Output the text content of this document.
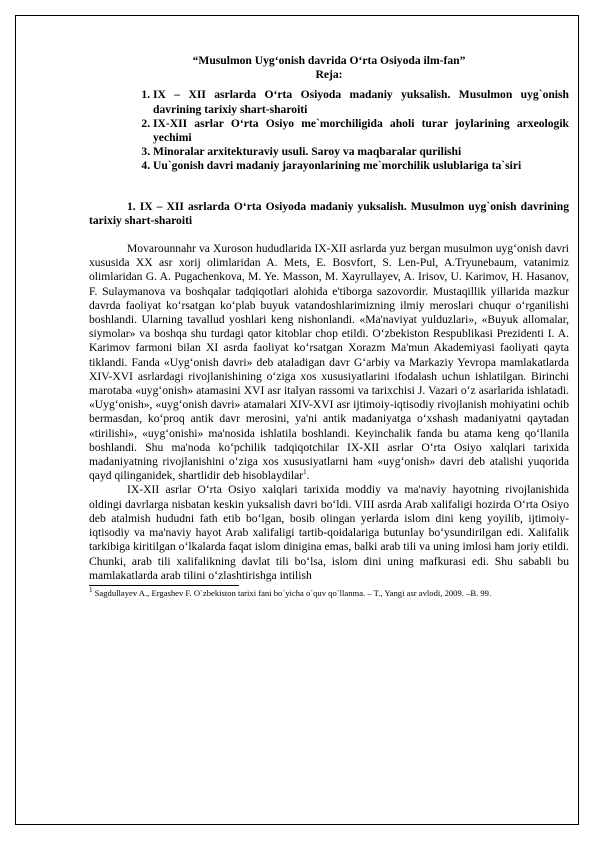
“Musulmon Uyg‘onish davrida O‘rta Osiyoda ilm-fan”

Reja:

1. IX – XII asrlarda O‘rta Osiyoda madaniy yuksalish. Musulmon uyg`onish davrining tarixiy shart-sharoiti
2. IX-XII asrlar O‘rta Osiyo me`morchiligida aholi turar joylarining arxeologik yechimi
3. Minoralar arxitekturaviy usuli. Saroy va maqbaralar qurilishi
4. Uu`gonish davri madaniy jarayonlarining me`morchilik uslublariga ta`siri

1. IX – XII asrlarda O‘rta Osiyoda madaniy yuksalish. Musulmon uyg`onish davrining tarixiy shart-sharoiti

Movarounnahr va Xuroson hududlarida IX-XII asrlarda yuz bergan musulmon uyg‘onish davri xususida XX asr xorij olimlaridan A. Mets, E. Bosvfort, S. Len-Pul, A.Tryunebaum, vatanimiz olimlaridan G. A. Pugachenkova, M. Ye. Masson, M. Xayrullayev, A. Irisov, U. Karimov, H. Hasanov, F. Sulaymanova va boshqalar tadqiqotlari alohida e'tiborga sazovordir. Mustaqillik yillarida mazkur davrda faoliyat ko‘rsatgan ko‘plab buyuk vatandoshlarimizning ilmiy meroslari chuqur o‘rganilishi boshlandi. Ularning tavallud yoshlari keng nishonlandi. «Ma'naviyat yulduzlari», «Buyuk allomalar, siymolar» va boshqa shu turdagi qator kitoblar chop etildi. O‘zbekiston Respublikasi Prezidenti I. A. Karimov farmoni bilan XI asrda faoliyat ko‘rsatgan Xorazm Ma'mun Akademiyasi faoliyati qayta tiklandi. Fanda «Uyg‘onish davri» deb ataladigan davr G‘arbiy va Markaziy Yevropa mamlakatlarda XIV-XVI asrlardagi rivojlanishining o‘ziga xos xususiyatlarini ifodalash uchun ishlatilgan. Birinchi marotaba «uyg‘onish» atamasini XVI asr italyan rassomi va tarixchisi J. Vazari o‘z asarlarida ishlatadi. «Uyg‘onish», «uyg‘onish davri» atamalari XIV-XVI asr ijtimoiy-iqtisodiy rivojlanish mohiyatini ochib bermasdan, ko‘proq antik davr merosini, ya'ni antik madaniyatga o‘xshash madaniyatni qaytadan «tirilishi», «uyg‘onishi» ma'nosida ishlatila boshlandi. Keyinchalik fanda bu atama keng qo‘llanila boshlandi. Shu ma'noda ko‘pchilik tadqiqotchilar IX-XII asrlar O‘rta Osiyo xalqlari tarixida madaniyatning rivojlanishini o‘ziga xos xususiyatlarni ham «uyg‘onish» davri deb atalishi yuqorida qayd qilinganidek, shartlidir deb hisoblaydilar$^1$.

IX-XII asrlar O‘rta Osiyo xalqlari tarixida moddiy va ma'naviy hayotning rivojlanishida oldingi davrlarga nisbatan keskin yuksalish davri bo‘ldi. VIII asrda Arab xalifaligi hozirda O‘rta Osiyo deb atalmish hududni fath etib bo‘lgan, bosib olingan yerlarda islom dini keng yoyilib, ijtimoiy-iqtisodiy va ma'naviy hayot Arab xalifaligi tartib-qoidalariga butunlay bo‘ysundirilgan edi. Xalifalik tarkibiga kiritilgan o‘lkalarda faqat islom dinigina emas, balki arab tili va uning imlosi ham joriy etildi. Chunki, arab tili xalifalikning davlat tili bo‘lsa, islom dini uning mafkurasi edi. Shu sababli bu mamlakatlarda arab tilini o‘zlashtirishga intilish

$^1$ Sagdullayev A., Ergashev F. O`zbekiston tarixi fani bo`yicha o`quv qo`llanma. – T., Yangi asr avlodi, 2009. –B. 99.
